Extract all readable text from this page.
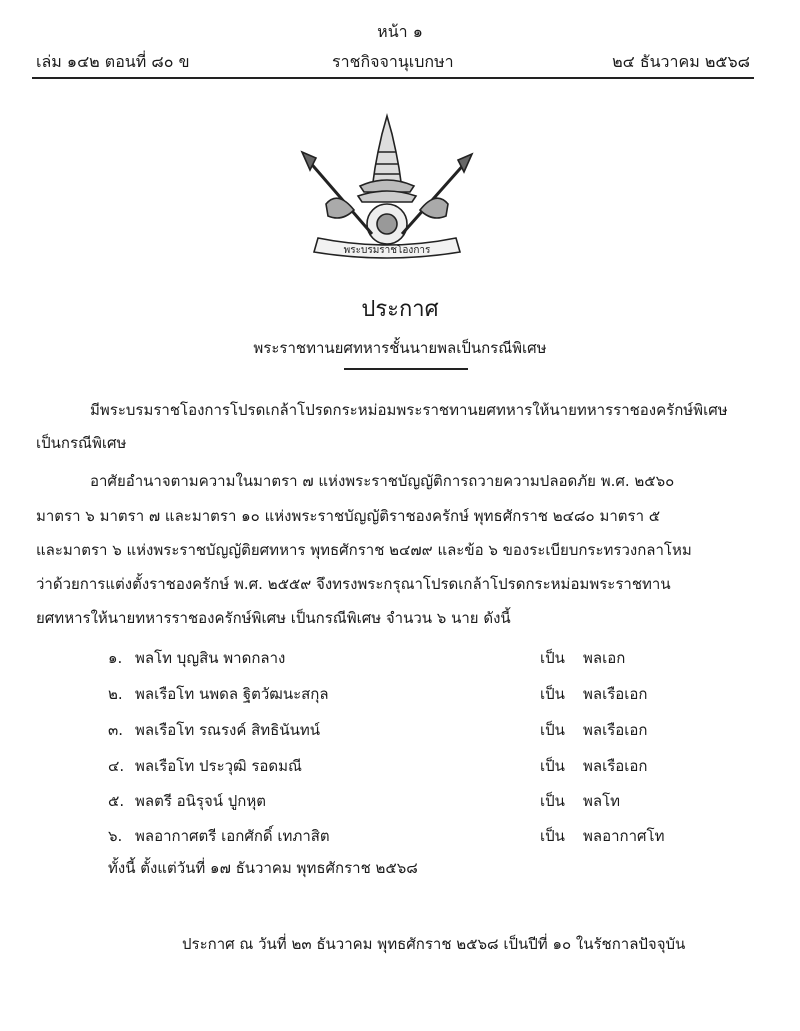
หน้า ๑
เล่ม ๑๔๒ ตอนที่ ๘๐ ข	ราชกิจจานุเบกษา	๒๔ ธันวาคม ๒๕๖๘
พระบรมราชโองการ
ประกาศ
พระราชทานยศทหารชั้นนายพลเป็นกรณีพิเศษ
มีพระบรมราชโองการโปรดเกล้าโปรดกระหม่อมพระราชทานยศทหารให้นายทหารราชองครักษ์พิเศษ
เป็นกรณีพิเศษ
อาศัยอำนาจตามความในมาตรา ๗ แห่งพระราชบัญญัติการถวายความปลอดภัย พ.ศ. ๒๕๖๐
มาตรา ๖ มาตรา ๗ และมาตรา ๑๐ แห่งพระราชบัญญัติราชองครักษ์ พุทธศักราช ๒๔๘๐ มาตรา ๕
และมาตรา ๖ แห่งพระราชบัญญัติยศทหาร พุทธศักราช ๒๔๗๙ และข้อ ๖ ของระเบียบกระทรวงกลาโหม
ว่าด้วยการแต่งตั้งราชองครักษ์ พ.ศ. ๒๕๕๙ จึงทรงพระกรุณาโปรดเกล้าโปรดกระหม่อมพระราชทาน
ยศทหารให้นายทหารราชองครักษ์พิเศษ เป็นกรณีพิเศษ จำนวน ๖ นาย ดังนี้
๑. พลโท บุญสิน พาดกลาง	เป็น พลเอก
๒. พลเรือโท นพดล ฐิตวัฒนะสกุล	เป็น พลเรือเอก
๓. พลเรือโท รณรงค์ สิทธินันทน์	เป็น พลเรือเอก
๔. พลเรือโท ประวุฒิ รอดมณี	เป็น พลเรือเอก
๕. พลตรี อนิรุจน์ ปูกหุต	เป็น พลโท
๖. พลอากาศตรี เอกศักดิ์ เทภาสิต	เป็น พลอากาศโท
ทั้งนี้ ตั้งแต่วันที่ ๑๗ ธันวาคม พุทธศักราช ๒๕๖๘
ประกาศ ณ วันที่ ๒๓ ธันวาคม พุทธศักราช ๒๕๖๘ เป็นปีที่ ๑๐ ในรัชกาลปัจจุบัน
